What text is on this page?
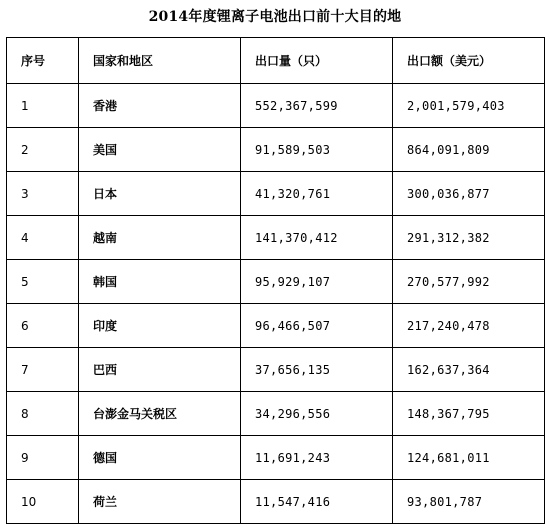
2014年度锂离子电池出口前十大目的地
序号	国家和地区	出口量（只）	出口额（美元）
1	香港	552,367,599	2,001,579,403
2	美国	91,589,503	864,091,809
3	日本	41,320,761	300,036,877
4	越南	141,370,412	291,312,382
5	韩国	95,929,107	270,577,992
6	印度	96,466,507	217,240,478
7	巴西	37,656,135	162,637,364
8	台澎金马关税区	34,296,556	148,367,795
9	德国	11,691,243	124,681,011
10	荷兰	11,547,416	93,801,787
